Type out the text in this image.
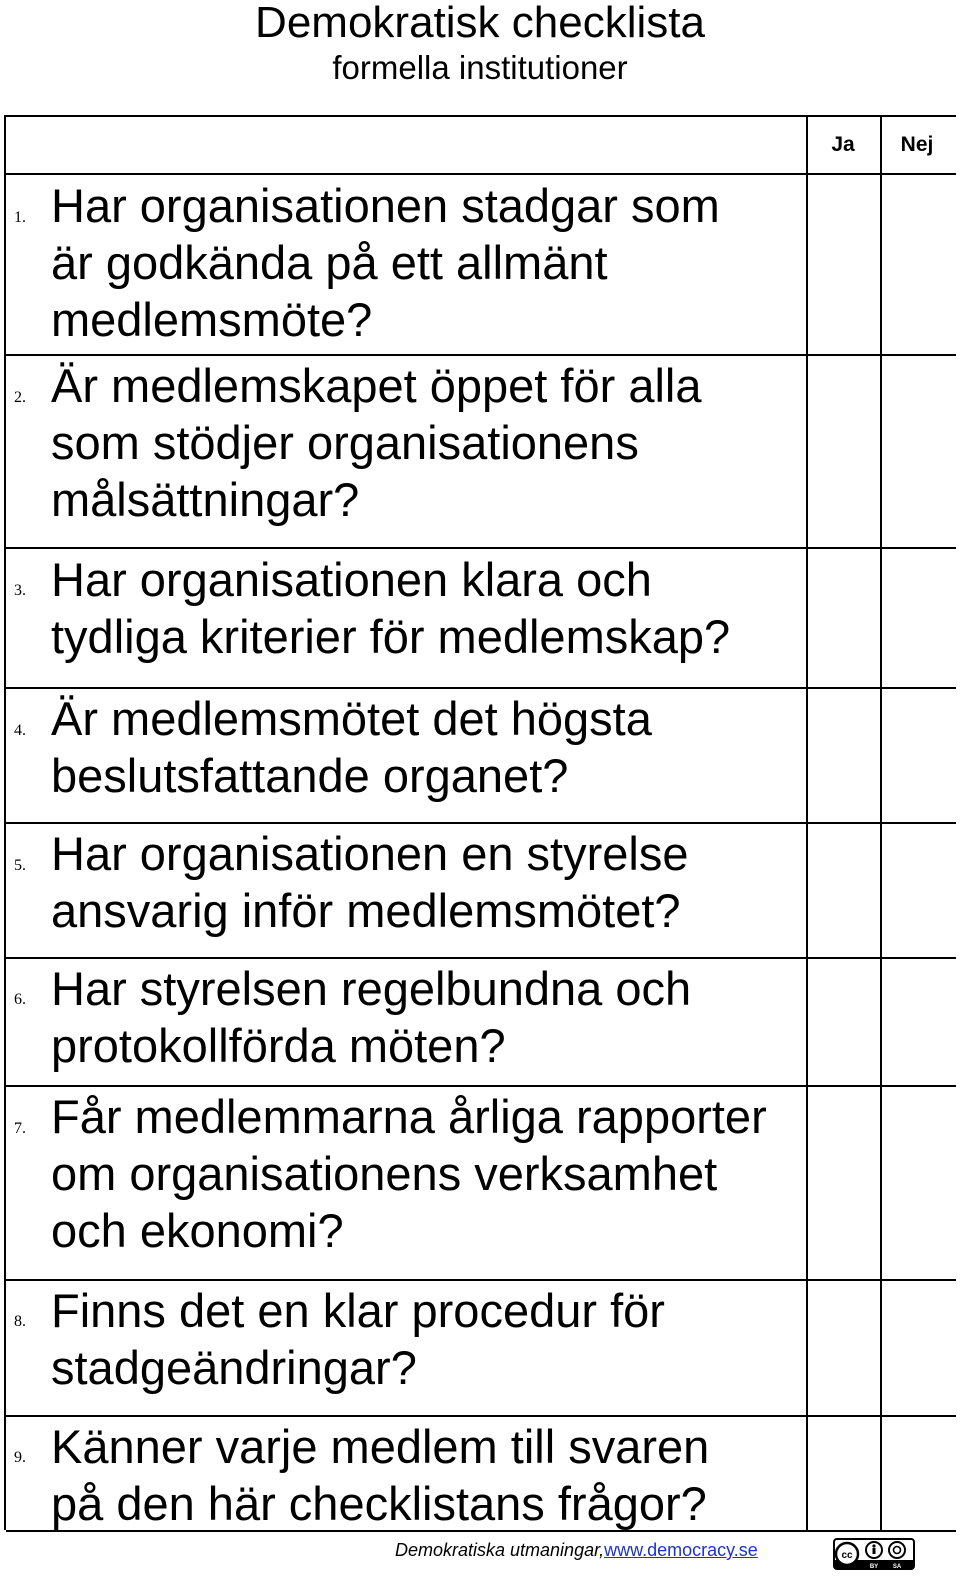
Demokratisk checklista
formella institutioner
Ja	Nej
1. Har organisationen stadgar som
är godkända på ett allmänt
medlemsmöte?
2. Är medlemskapet öppet för alla
som stödjer organisationens
målsättningar?
3. Har organisationen klara och
tydliga kriterier för medlemskap?
4. Är medlemsmötet det högsta
beslutsfattande organet?
5. Har organisationen en styrelse
ansvarig inför medlemsmötet?
6. Har styrelsen regelbundna och
protokollförda möten?
7. Får medlemmarna årliga rapporter
om organisationens verksamhet
och ekonomi?
8. Finns det en klar procedur för
stadgeändringar?
9. Känner varje medlem till svaren
på den här checklistans frågor?
Demokratiska utmaningar,www.democracy.se	cc
BY SA
